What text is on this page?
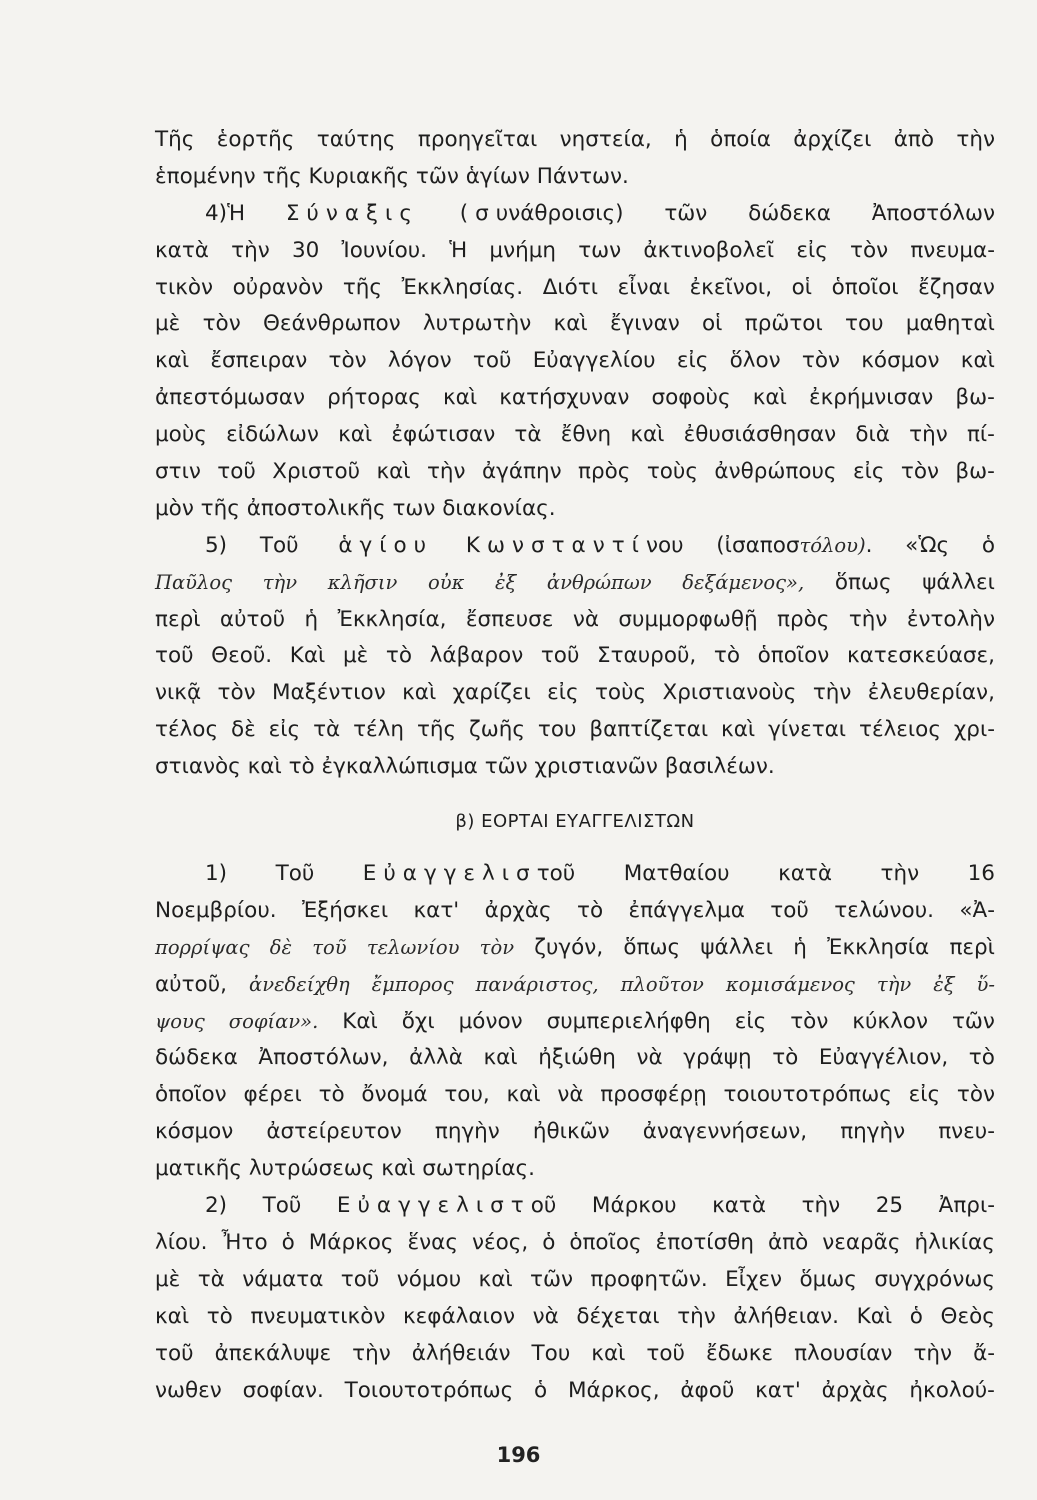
Τῆς ἑορτῆς ταύτης προηγεῖται νηστεία, ἡ ὁποία ἀρχίζει ἀπὸ τὴν
ἑπομένην τῆς Κυριακῆς τῶν ἁγίων Πάντων.
4)Ἡ Σύναξις (συνάθροισις) τῶν δώδεκα Ἀποστόλων
κατὰ τὴν 30 Ἰουνίου. Ἡ μνήμη των ἀκτινοβολεῖ εἰς τὸν πνευμα-
τικὸν οὐρανὸν τῆς Ἐκκλησίας. Διότι εἶναι ἐκεῖνοι, οἱ ὁποῖοι ἔζησαν
μὲ τὸν Θεάνθρωπον λυτρωτὴν καὶ ἔγιναν οἱ πρῶτοι του μαθηταὶ
καὶ ἔσπειραν τὸν λόγον τοῦ Εὐαγγελίου εἰς ὅλον τὸν κόσμον καὶ
ἀπεστόμωσαν ρήτορας καὶ κατήσχυναν σοφοὺς καὶ ἐκρήμνισαν βω-
μοὺς εἰδώλων καὶ ἐφώτισαν τὰ ἔθνη καὶ ἐθυσιάσθησαν διὰ τὴν πί-
στιν τοῦ Χριστοῦ καὶ τὴν ἀγάπην πρὸς τοὺς ἀνθρώπους εἰς τὸν βω-
μὸν τῆς ἀποστολικῆς των διακονίας.
5) Τοῦ ἁγίου Κωνσταντίνου (ἰσαποστόλου). «Ὡς ὁ
Παῦλος τὴν κλῆσιν οὐκ ἐξ ἀνθρώπων δεξάμενος», ὅπως ψάλλει
περὶ αὐτοῦ ἡ Ἐκκλησία, ἔσπευσε νὰ συμμορφωθῇ πρὸς τὴν ἐντολὴν
τοῦ Θεοῦ. Καὶ μὲ τὸ λάβαρον τοῦ Σταυροῦ, τὸ ὁποῖον κατεσκεύασε,
νικᾷ τὸν Μαξέντιον καὶ χαρίζει εἰς τοὺς Χριστιανοὺς τὴν ἐλευθερίαν,
τέλος δὲ εἰς τὰ τέλη τῆς ζωῆς του βαπτίζεται καὶ γίνεται τέλειος χρι-
στιανὸς καὶ τὸ ἐγκαλλώπισμα τῶν χριστιανῶν βασιλέων.
β) ΕΟΡΤΑΙ ΕΥΑΓΓΕΛΙΣΤΩΝ
1) Τοῦ Εὐαγγελιστοῦ Ματθαίου κατὰ τὴν 16
Νοεμβρίου. Ἐξήσκει κατ' ἀρχὰς τὸ ἐπάγγελμα τοῦ τελώνου. «Ἀ-
πορρίψας δὲ τοῦ τελωνίου τὸν ζυγόν, ὅπως ψάλλει ἡ Ἐκκλησία περὶ
αὐτοῦ, ἀνεδείχθη ἔμπορος πανάριστος, πλοῦτον κομισάμενος τὴν ἐξ ὕ-
ψους σοφίαν». Καὶ ὄχι μόνον συμπεριελήφθη εἰς τὸν κύκλον τῶν
δώδεκα Ἀποστόλων, ἀλλὰ καὶ ἠξιώθη νὰ γράψῃ τὸ Εὐαγγέλιον, τὸ
ὁποῖον φέρει τὸ ὄνομά του, καὶ νὰ προσφέρῃ τοιουτοτρόπως εἰς τὸν
κόσμον ἀστείρευτον πηγὴν ἠθικῶν ἀναγεννήσεων, πηγὴν πνευ-
ματικῆς λυτρώσεως καὶ σωτηρίας.
2) Τοῦ Εὐαγγελιστοῦ Μάρκου κατὰ τὴν 25 Ἀπρι-
λίου. Ἦτο ὁ Μάρκος ἕνας νέος, ὁ ὁποῖος ἐποτίσθη ἀπὸ νεαρᾶς ἡλικίας
μὲ τὰ νάματα τοῦ νόμου καὶ τῶν προφητῶν. Εἶχεν ὅμως συγχρόνως
καὶ τὸ πνευματικὸν κεφάλαιον νὰ δέχεται τὴν ἀλήθειαν. Καὶ ὁ Θεὸς
τοῦ ἀπεκάλυψε τὴν ἀλήθειάν Του καὶ τοῦ ἔδωκε πλουσίαν τὴν ἄ-
νωθεν σοφίαν. Τοιουτοτρόπως ὁ Μάρκος, ἀφοῦ κατ' ἀρχὰς ἠκολού-
196
